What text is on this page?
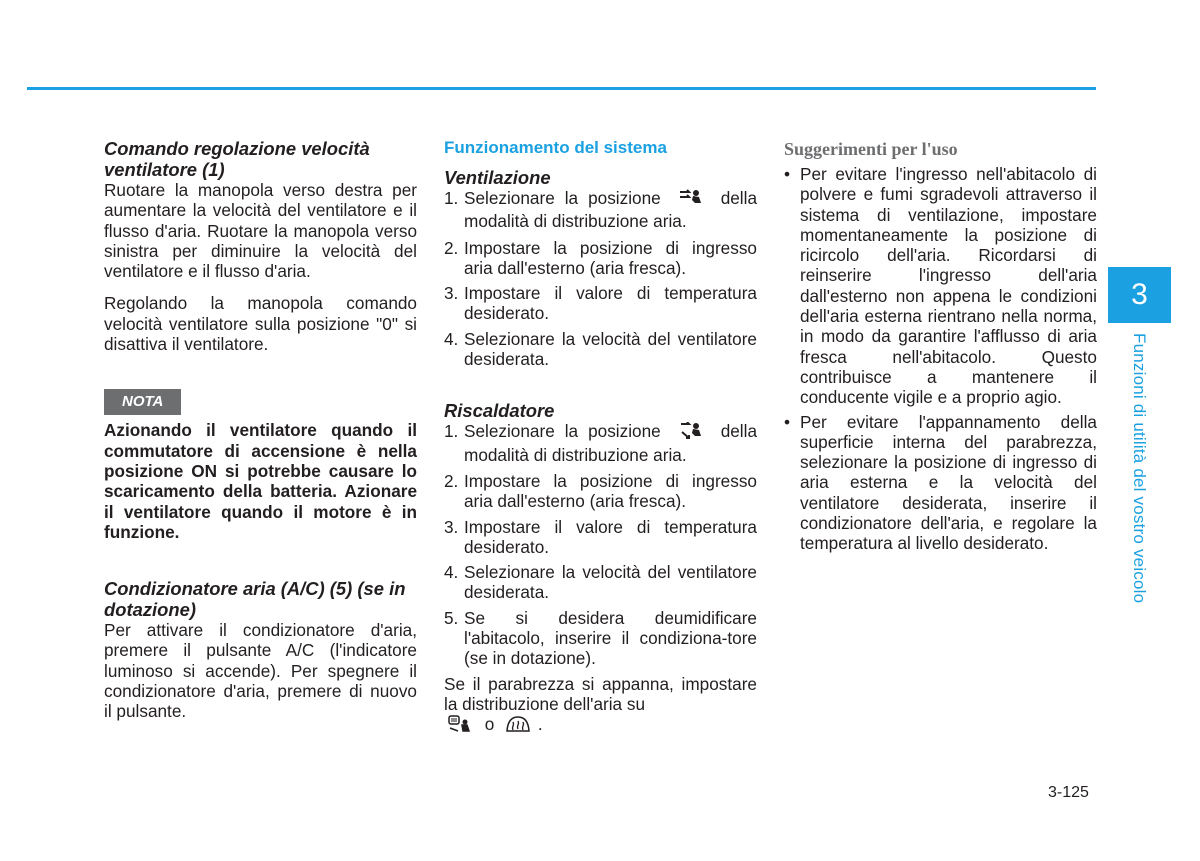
Comando regolazione velocità ventilatore (1)

Ruotare la manopola verso destra per aumentare la velocità del ventilatore e il flusso d'aria. Ruotare la manopola verso sinistra per diminuire la velocità del ventilatore e il flusso d'aria.

Regolando la manopola comando velocità ventilatore sulla posizione "0" si disattiva il ventilatore.

NOTA

Azionando il ventilatore quando il commutatore di accensione è nella posizione ON si potrebbe causare lo scaricamento della batteria. Azionare il ventilatore quando il motore è in funzione.

Condizionatore aria (A/C) (5) (se in dotazione)

Per attivare il condizionatore d'aria, premere il pulsante A/C (l'indicatore luminoso si accende). Per spegnere il condizionatore d'aria, premere di nuovo il pulsante.

Funzionamento del sistema
Ventilazione
1. Selezionare la posizione	della modalità di distribuzione aria.
2. Impostare la posizione di ingresso aria dall'esterno (aria fresca).
3. Impostare il valore di temperatura desiderato.
4. Selezionare la velocità del ventilatore desiderata.
Riscaldatore
1. Selezionare la posizione	della modalità di distribuzione aria.
2. Impostare la posizione di ingresso aria dall'esterno (aria fresca).
3. Impostare il valore di temperatura desiderato.
4. Selezionare la velocità del ventilatore desiderata.
5. Se si desidera deumidificare l'abitacolo, inserire il condiziona-tore (se in dotazione).

Se il parabrezza si appanna, impostare la distribuzione dell'aria su
o	.

Suggerimenti per l'uso
• Per evitare l'ingresso nell'abitacolo di polvere e fumi sgradevoli attraverso il sistema di ventilazione, impostare momentaneamente la posizione di ricircolo dell'aria. Ricordarsi di reinserire l'ingresso dell'aria dall'esterno non appena le condizioni dell'aria esterna rientrano nella norma, in modo da garantire l'afflusso di aria fresca nell'abitacolo. Questo contribuisce a mantenere il conducente vigile e a proprio agio.
• Per evitare l'appannamento della superficie interna del parabrezza, selezionare la posizione di ingresso di aria esterna e la velocità del ventilatore desiderata, inserire il condizionatore dell'aria, e regolare la temperatura al livello desiderato.
3
Funzioni di utilità del vostro veicolo
3-125
